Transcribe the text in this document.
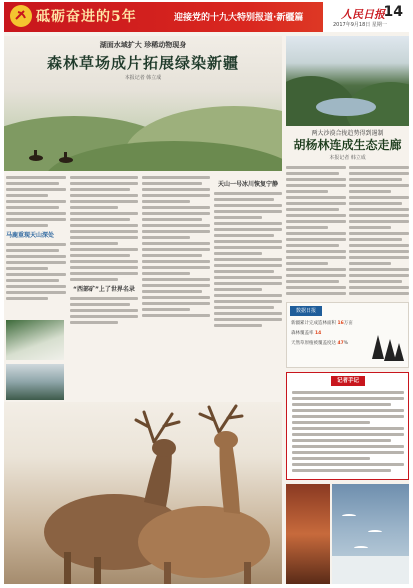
砥砺奋进的5年	迎接党的十九大特别报道·新疆篇	人民日报
14
2017年9月18日 星期一
湖面水域扩大 珍稀动物现身
森林草场成片拓展绿染新疆
本报记者 韩立成
两大沙漠合拢趋势得到遏制
胡杨林连成生态走廊
本报记者 韩立成
马鹿重现天山深处
“西部矿”上了世界名录
天山一号冰川恢复宁静
数据日报
新疆累计完成造林面积 16万亩
森林覆盖率 14
天然草原植被覆盖度达 47%
记者手记
